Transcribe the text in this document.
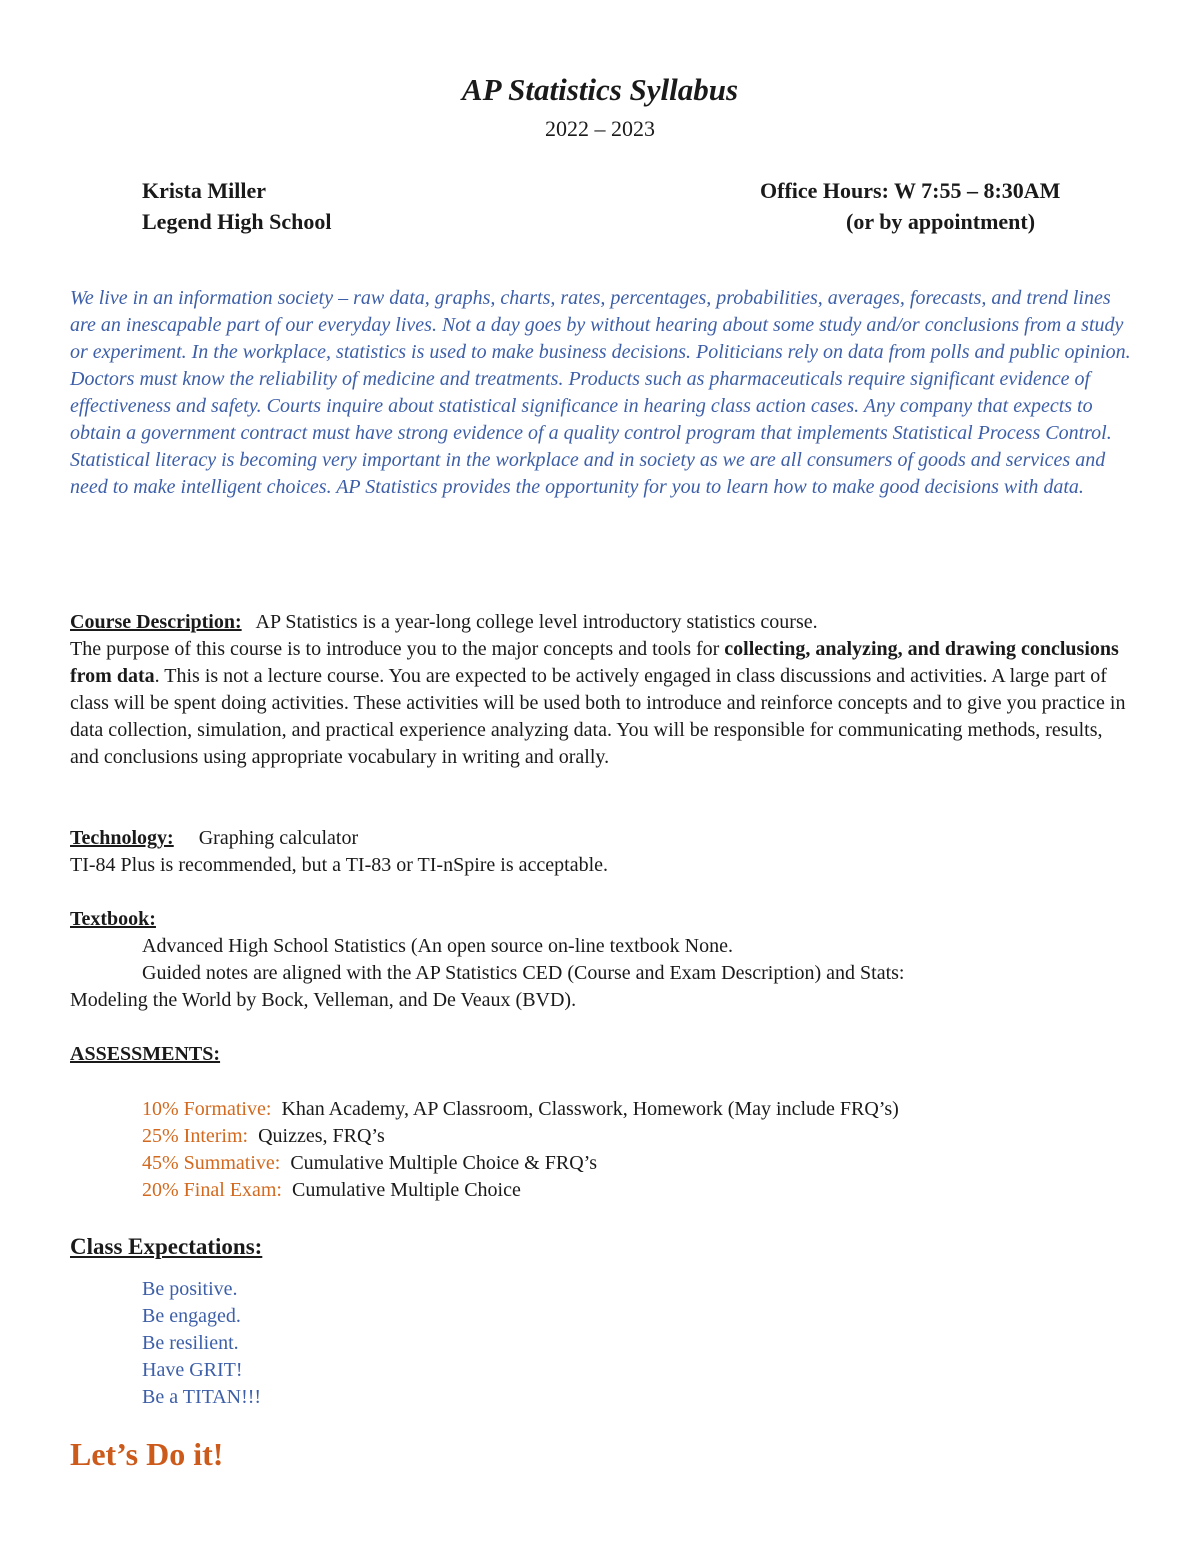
AP Statistics Syllabus
2022 – 2023
Krista Miller
Legend High School
Office Hours: W 7:55 – 8:30AM
(or by appointment)
We live in an information society – raw data, graphs, charts, rates, percentages, probabilities, averages, forecasts, and trend lines are an inescapable part of our everyday lives. Not a day goes by without hearing about some study and/or conclusions from a study or experiment. In the workplace, statistics is used to make business decisions. Politicians rely on data from polls and public opinion. Doctors must know the reliability of medicine and treatments. Products such as pharmaceuticals require significant evidence of effectiveness and safety. Courts inquire about statistical significance in hearing class action cases. Any company that expects to obtain a government contract must have strong evidence of a quality control program that implements Statistical Process Control. Statistical literacy is becoming very important in the workplace and in society as we are all consumers of goods and services and need to make intelligent choices. AP Statistics provides the opportunity for you to learn how to make good decisions with data.
Course Description: AP Statistics is a year-long college level introductory statistics course.
The purpose of this course is to introduce you to the major concepts and tools for collecting, analyzing, and drawing conclusions from data. This is not a lecture course. You are expected to be actively engaged in class discussions and activities. A large part of class will be spent doing activities. These activities will be used both to introduce and reinforce concepts and to give you practice in data collection, simulation, and practical experience analyzing data. You will be responsible for communicating methods, results, and conclusions using appropriate vocabulary in writing and orally.
Technology: Graphing calculator
TI-84 Plus is recommended, but a TI-83 or TI-nSpire is acceptable.
Textbook:
Advanced High School Statistics (An open source on-line textbook None.
Guided notes are aligned with the AP Statistics CED (Course and Exam Description) and Stats:
Modeling the World by Bock, Velleman, and De Veaux (BVD).
ASSESSMENTS:
10% Formative: Khan Academy, AP Classroom, Classwork, Homework (May include FRQ’s)
25% Interim: Quizzes, FRQ’s
45% Summative: Cumulative Multiple Choice & FRQ’s
20% Final Exam: Cumulative Multiple Choice
Class Expectations:
Be positive.
Be engaged.
Be resilient.
Have GRIT!
Be a TITAN!!!
Let’s Do it!
